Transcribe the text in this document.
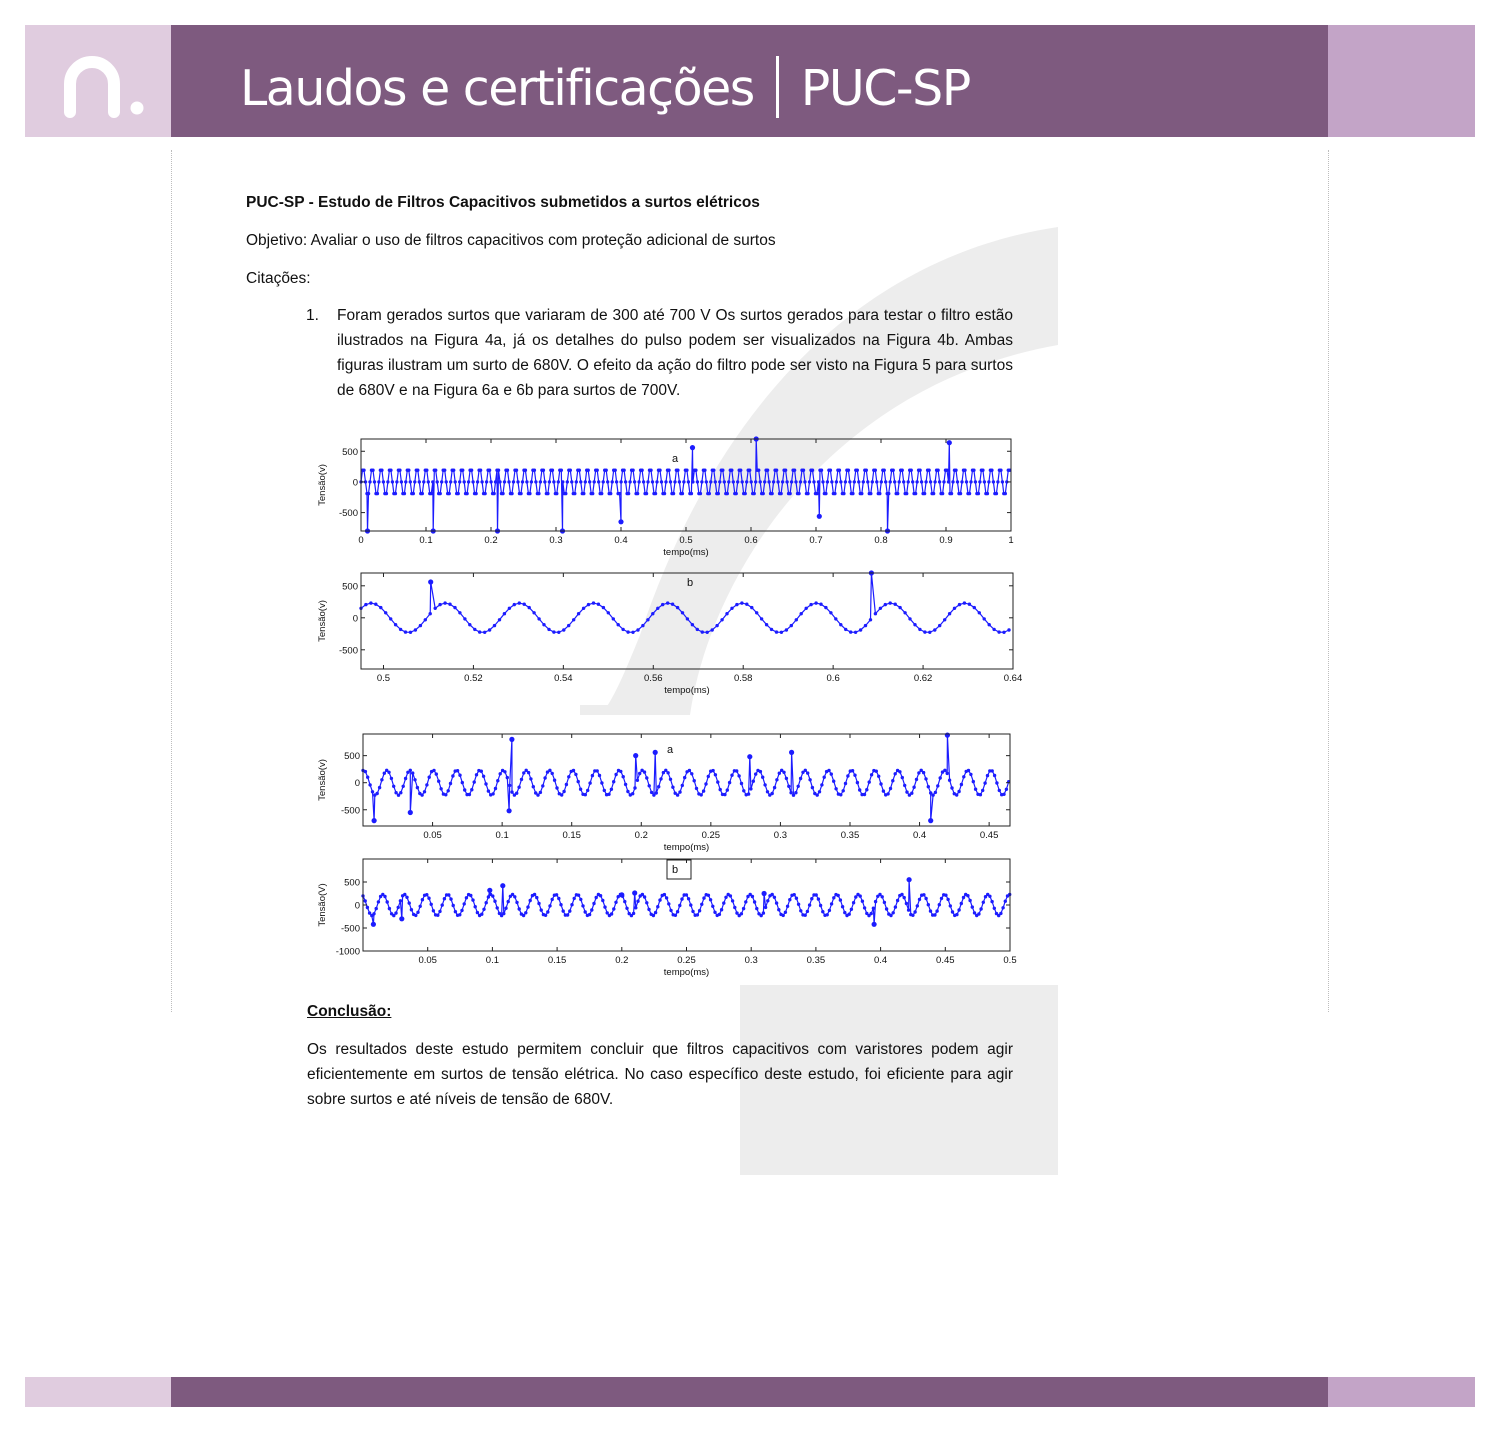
Laudos e certificações PUC-SP
PUC-SP - Estudo de Filtros Capacitivos submetidos a surtos elétricos
Objetivo: Avaliar o uso de filtros capacitivos com proteção adicional de surtos
Citações:
1. Foram gerados surtos que variaram de 300 até 700 V Os surtos gerados para testar o filtro estão ilustrados na Figura 4a, já os detalhes do pulso podem ser visualizados na Figura 4b. Ambas figuras ilustram um surto de 680V. O efeito da ação do filtro pode ser visto na Figura 5 para surtos de 680V e na Figura 6a e 6b para surtos de 700V.
0	0.1	0.2	0.3	0.4	0.5	0.6	0.7	0.8	0.9	1
500
0
-500
tempo(ms)
Tensão(v)
a
0.5	0.52	0.54	0.56	0.58	0.6	0.62	0.64
500
0
-500
tempo(ms)
Tensão(v)
b
0.05	0.1	0.15	0.2	0.25	0.3	0.35	0.4	0.45
500
0
-500
tempo(ms)
Tensão(v)
a
0.05	0.1	0.15	0.2	0.25	0.3	0.35	0.4	0.45	0.5
500
0
-500
-1000
tempo(ms)
Tensão(V)
b
Conclusão:
Os resultados deste estudo permitem concluir que filtros capacitivos com varistores podem agir eficientemente em surtos de tensão elétrica. No caso específico deste estudo, foi eficiente para agir sobre surtos e até níveis de tensão de 680V.
